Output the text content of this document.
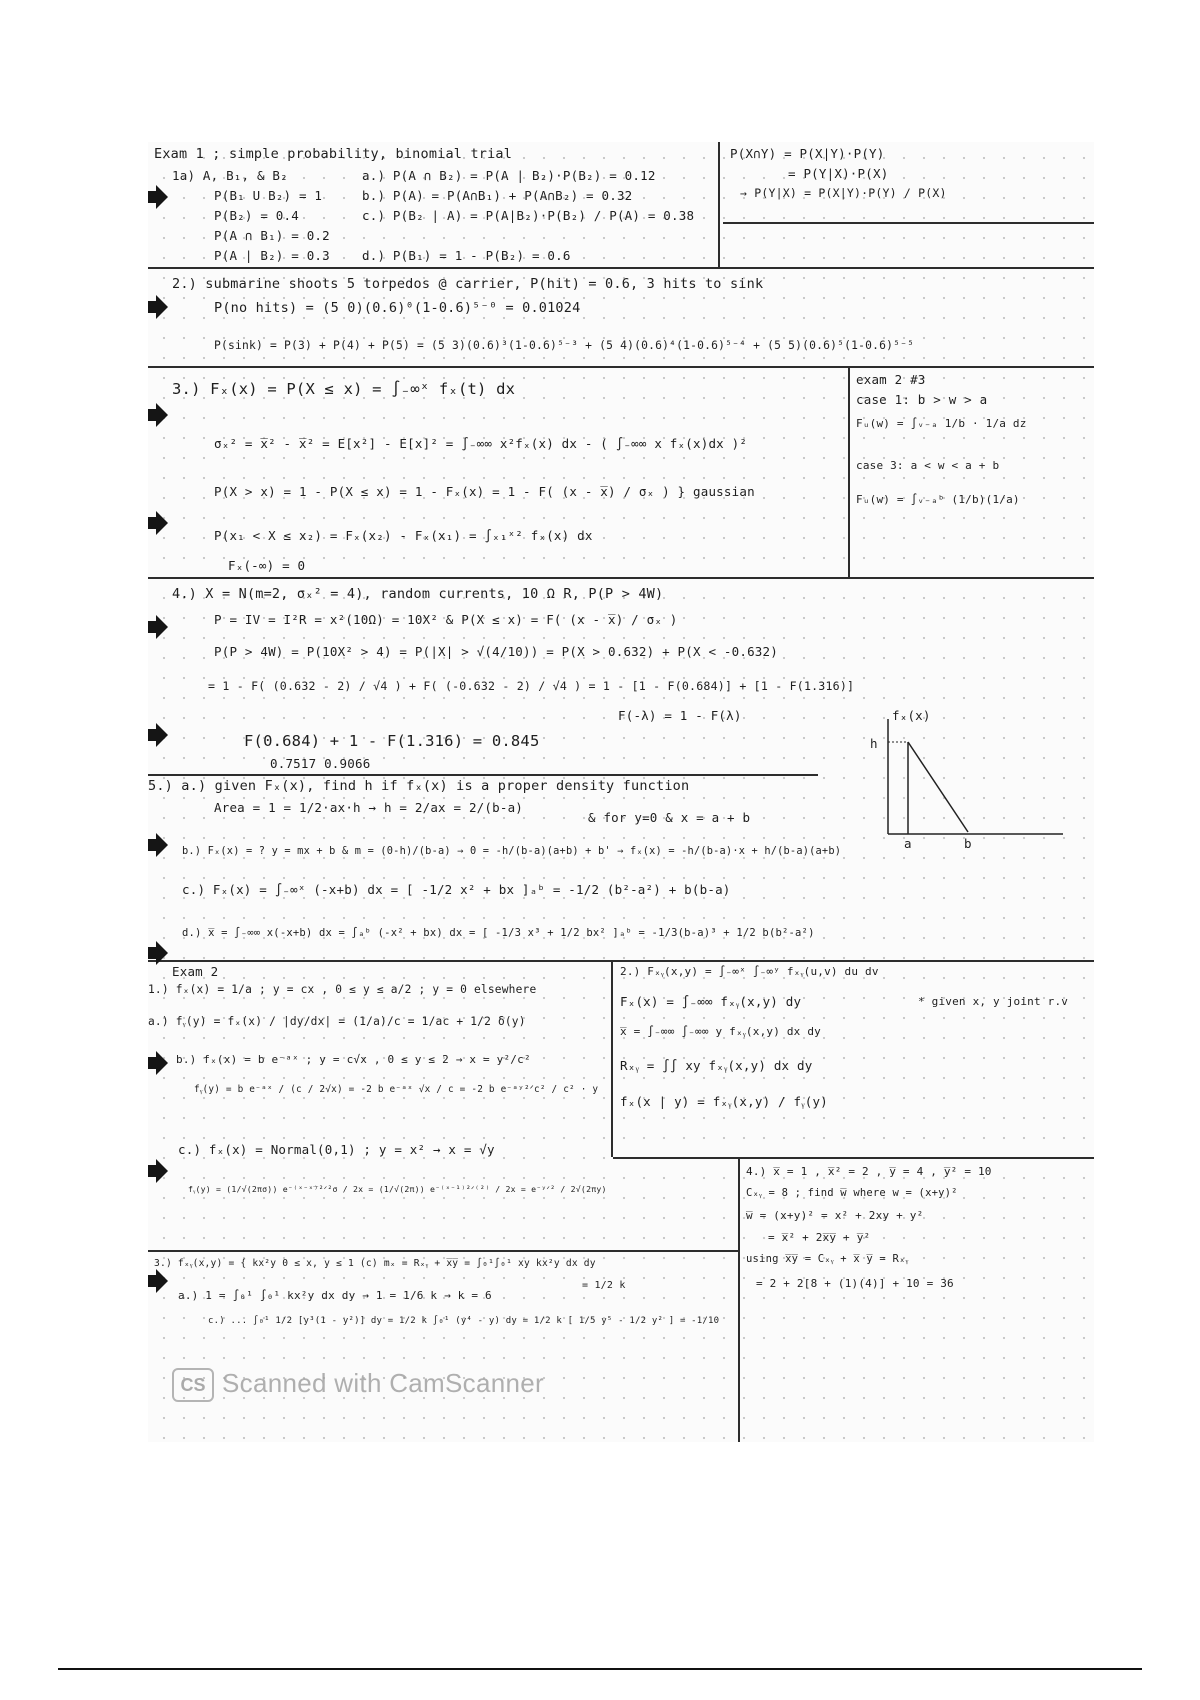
Exam 1 ; simple probability, binomial trial
1a) A, B₁, & B₂
P(B₁ U B₂) = 1
P(B₂) = 0.4
P(A ∩ B₁) = 0.2
P(A | B₂) = 0.3
a.) P(A ∩ B₂) = P(A | B₂)·P(B₂) = 0.12
b.) P(A) = P(A∩B₁) + P(A∩B₂) = 0.32
c.) P(B₂ | A) = P(A|B₂)·P(B₂) / P(A) = 0.38
d.) P(B₁) = 1 - P(B₂) = 0.6
P(X∩Y) = P(X|Y)·P(Y)
= P(Y|X)·P(X)
→ P(Y|X) = P(X|Y)·P(Y) / P(X)
2.) submarine shoots 5 torpedos @ carrier, P(hit) = 0.6, 3 hits to sink
P(no hits) = (5 0)(0.6)⁰(1-0.6)⁵⁻⁰ = 0.01024
P(sink) = P(3) + P(4) + P(5) = (5 3)(0.6)³(1-0.6)⁵⁻³ + (5 4)(0.6)⁴(1-0.6)⁵⁻⁴ + (5 5)(0.6)⁵(1-0.6)⁵⁻⁵
3.) Fₓ(x) = P(X ≤ x) = ∫₋∞ˣ fₓ(t) dx
σₓ² = x̅² - x̅² = E[x²] - E[x]² = ∫₋∞∞ x²fₓ(x) dx - ( ∫₋∞∞ x fₓ(x)dx )²
P(X > x) = 1 - P(X ≤ x) = 1 - Fₓ(x) = 1 - F( (x - x̅) / σₓ ) } gaussian
P(x₁ < X ≤ x₂) = Fₓ(x₂) - Fₓ(x₁) = ∫ₓ₁ˣ² fₓ(x) dx
Fₓ(-∞) = 0
exam 2 #3
case 1: b > w > a
Fᵤ(w) = ∫ᵥ₋ₐ 1/b · 1/a dz
case 3: a < w < a + b
Fᵤ(w) = ∫ᵥ₋ₐᵇ (1/b)(1/a)
4.) X = N(m=2, σₓ² = 4), random currents, 10 Ω R, P(P > 4W)
P = IV = I²R = x²(10Ω) = 10X² & P(X ≤ x) = F( (x - x̅) / σₓ )
P(P > 4W) = P(10X² > 4) = P(|X| > √(4/10)) = P(X > 0.632) + P(X < -0.632)
= 1 - F( (0.632 - 2) / √4 ) + F( (-0.632 - 2) / √4 ) = 1 - [1 - F(0.684)] + [1 - F(1.316)]
F(-λ) = 1 - F(λ)
F(0.684) + 1 - F(1.316) = 0.845
0.7517 0.9066
fₓ(x)
h
a	b
5.) a.) given Fₓ(x), find h if fₓ(x) is a proper density function
Area = 1 = 1/2·ax·h → h = 2/ax = 2/(b-a)
& for y=0 & x = a + b
b.) Fₓ(x) = ? y = mx + b & m = (0-h)/(b-a) → 0 = -h/(b-a)(a+b) + b' → fₓ(x) = -h/(b-a)·x + h/(b-a)(a+b)
c.) Fₓ(x) = ∫₋∞ˣ (-x+b) dx = [ -1/2 x² + bx ]ₐᵇ = -1/2 (b²-a²) + b(b-a)
d.) x̅ = ∫₋∞∞ x(-x+b) dx = ∫ₐᵇ (-x² + bx) dx = [ -1/3 x³ + 1/2 bx² ]ₐᵇ = -1/3(b-a)³ + 1/2 b(b²-a²)
Exam 2
1.) fₓ(x) = 1/a ; y = cx , 0 ≤ y ≤ a/2 ; y = 0 elsewhere
a.) fᵧ(y) = fₓ(x) / |dy/dx| = (1/a)/c = 1/ac + 1/2 δ(y)
b.) fₓ(x) = b e⁻ᵃˣ ; y = c√x , 0 ≤ y ≤ 2 → x = y²/c²
fᵧ(y) = b e⁻ᵃˣ / (c / 2√x) = -2 b e⁻ᵃˣ √x / c = -2 b e⁻ᵃʸ²ᐟc² / c² · y
c.) fₓ(x) = Normal(0,1) ; y = x² → x = √y
fᵧ(y) = (1/√(2πσ)) e⁻⁽ˣ⁻ˣ̅⁾²ᐟ²σ / 2x = (1/√(2π)) e⁻⁽ˣ⁻¹⁾²ᐟ⁽²⁾ / 2x = e⁻ʸᐟ² / 2√(2πy)
2.) Fₓᵧ(x,y) = ∫₋∞ˣ ∫₋∞ʸ fₓᵧ(u,v) du dv
Fₓ(x) = ∫₋∞∞ fₓᵧ(x,y) dy	* given x, y joint r.v
x̅ = ∫₋∞∞ ∫₋∞∞ y fₓᵧ(x,y) dx dy
Rₓᵧ = ∫∫ xy fₓᵧ(x,y) dx dy
fₓ(x | y) = fₓᵧ(x,y) / fᵧ(y)
3.) fₓᵧ(x,y) = { kx²y 0 ≤ x, y ≤ 1 (c) mₓ = Rₓᵧ + x̅y̅ = ∫₀¹∫₀¹ xy kx²y dx dy
a.) 1 = ∫₀¹ ∫₀¹ kx²y dx dy → 1 = 1/6 k → k = 6
= 1/2 k
c.) ... ∫₀¹ 1/2 [y³(1 - y²)] dy = 1/2 k ∫₀¹ (y⁴ - y) dy = 1/2 k [ 1/5 y⁵ - 1/2 y² ] = -1/10
4.) x̅ = 1 , x̅² = 2 , y̅ = 4 , y̅² = 10
Cₓᵧ = 8 ; find w̅ where w = (x+y)²
w̅ = (x+y)² = x² + 2xy + y²
= x̅² + 2x̅y̅ + y̅²
using x̅y̅ = Cₓᵧ + x̅ y̅ = Rₓᵧ
= 2 + 2[8 + (1)(4)] + 10 = 36
CS Scanned with CamScanner
